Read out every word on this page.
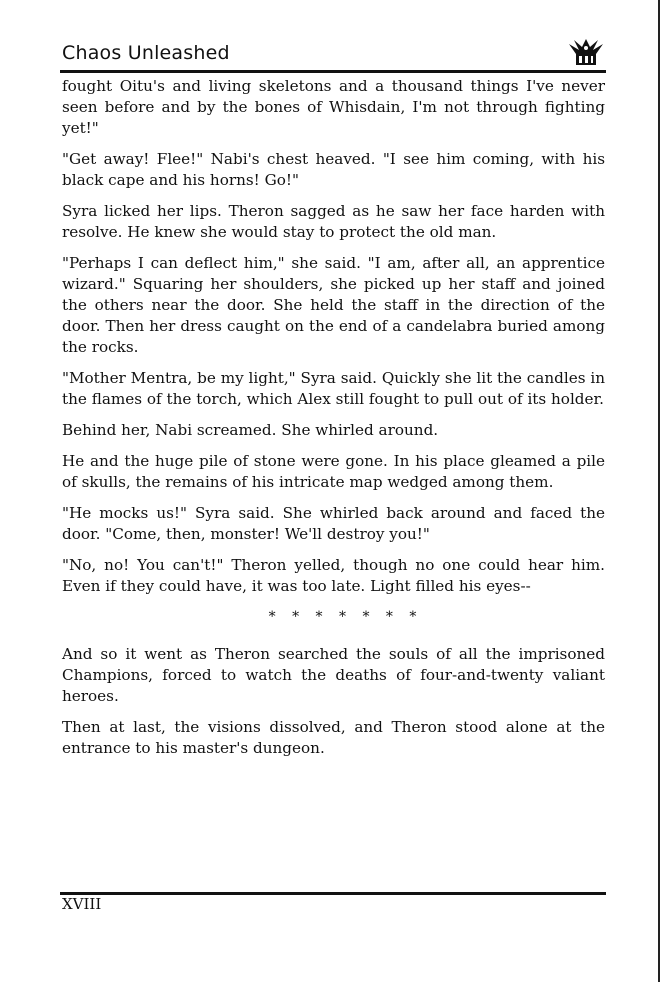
Chaos Unleashed

fought Oitu's and living skeletons and a thousand things I've never seen before and by the bones of Whisdain, I'm not through fighting yet!"

"Get away! Flee!" Nabi's chest heaved. "I see him coming, with his black cape and his horns! Go!"

Syra licked her lips. Theron sagged as he saw her face harden with resolve. He knew she would stay to protect the old man.

"Perhaps I can deflect him," she said. "I am, after all, an apprentice wizard." Squaring her shoulders, she picked up her staff and joined the others near the door. She held the staff in the direction of the door. Then her dress caught on the end of a candelabra buried among the rocks.

"Mother Mentra, be my light," Syra said. Quickly she lit the candles in the flames of the torch, which Alex still fought to pull out of its holder.

Behind her, Nabi screamed. She whirled around.

He and the huge pile of stone were gone. In his place gleamed a pile of skulls, the remains of his intricate map wedged among them.

"He mocks us!" Syra said. She whirled back around and faced the door. "Come, then, monster! We'll destroy you!"

"No, no! You can't!" Theron yelled, though no one could hear him. Even if they could have, it was too late. Light filled his eyes--

* * * * * * *

And so it went as Theron searched the souls of all the imprisoned Champions, forced to watch the deaths of four-and-twenty valiant heroes.

Then at last, the visions dissolved, and Theron stood alone at the entrance to his master's dungeon.

XVIII
